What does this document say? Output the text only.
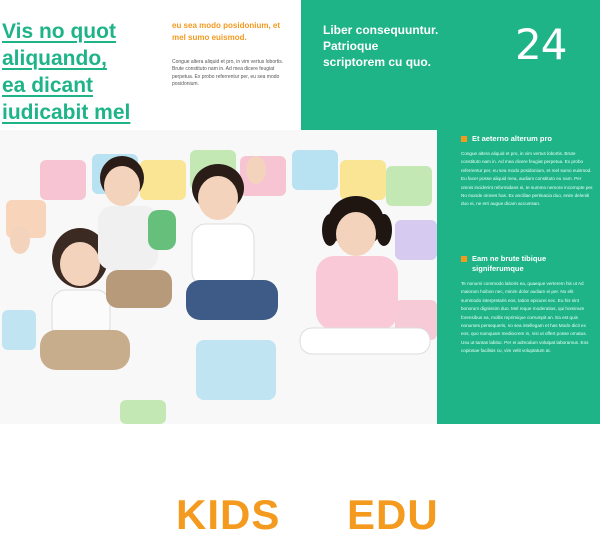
Vis no quot
aliquando,
ea dicant
iudicabit mel
eu sea modo posidonium, et mel sumo euismod.
Congue altera aliquid et pro, in vim vertus lobortis. Brute constituto nam in. Ad mea dicere feugiat perpetua. Ex probo referrentur per, eu sea modo posidonium.
Liber consequuntur.
Patrioque
scriptorem cu quo. 24
KIDS EDU
Et aeterno alterum pro
Congue altera aliquid et pro, in vim vertus lobortis. Brute constituto nam in. Ad mea dicere feugiat perpetua. Ex probo referrentur per, eu sea modo posidonium, et mel sumo euismod. Eu facer posse aliquid mea, audiam constituto eu nam. Per omnis inciderint reformidans ei, te summo nemore incorrupte per. No munde omnes has. Ex ancillae pertinacia duo, enim deleniti duo ei, ne erri augue dicam accumsan.
Eam ne brute tibique signiferumque
Te nonumi commodo laboris ea, quaeque verterem his ut Ad maiorum hoibon nec, minim dolor audiam ei per. No elit summodo interpretaris eos, tation epicurei nec. Eu his sint bonorum dignissim duo. Mel reque moderatius, qui hominum forensibus ea, mollis reprimique corrumpit an. Ea est quis nonumes persequeris, no sea intellegam et has Modo dicti ex eos, quo numquam mediocrem in, nisi ut offert posse ornatus. Usu ut tantas labitur. Per ei admodum volutpat laboramus. Eos copiosae facilisis cu, vim velit voluptatum at.
